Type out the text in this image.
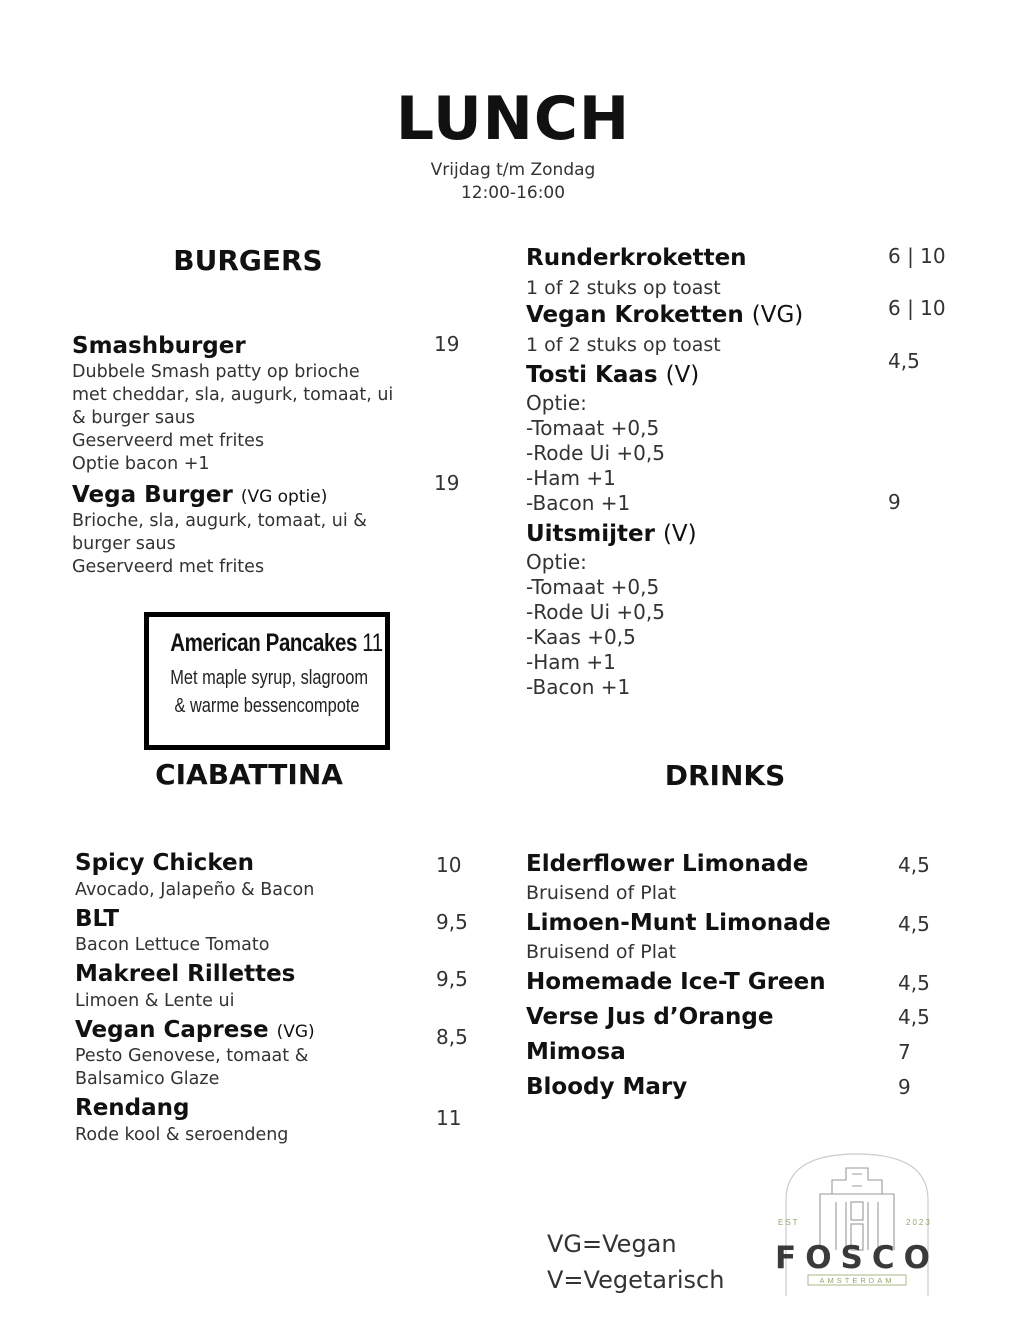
LUNCH
Vrijdag t/m Zondag
12:00-16:00
BURGERS
Smashburger
Dubbele Smash patty op brioche
met cheddar, sla, augurk, tomaat, ui
& burger saus
Geserveerd met frites
Optie bacon +1
19
Vega Burger (VG optie)
Brioche, sla, augurk, tomaat, ui &
burger saus
Geserveerd met frites
19
American Pancakes 11
Met maple syrup, slagroom
& warme bessencompote
Runderkroketten
1 of 2 stuks op toast
6 | 10
Vegan Kroketten (VG)
1 of 2 stuks op toast
6 | 10
Tosti Kaas (V)
Optie:
-Tomaat +0,5
-Rode Ui +0,5
-Ham +1
-Bacon +1
4,5
Uitsmijter (V)
Optie:
-Tomaat +0,5
-Rode Ui +0,5
-Kaas +0,5
-Ham +1
-Bacon +1
9
CIABATTINA
Spicy Chicken
Avocado, Jalapeño & Bacon
10
BLT
Bacon Lettuce Tomato
9,5
Makreel Rillettes
Limoen & Lente ui
9,5
Vegan Caprese (VG)
Pesto Genovese, tomaat &
Balsamico Glaze
8,5
Rendang
Rode kool & seroendeng
11
DRINKS
Elderflower Limonade
Bruisend of Plat
4,5
Limoen-Munt Limonade
Bruisend of Plat
4,5
Homemade Ice-T Green	4,5
Verse Jus d’Orange	4,5
Mimosa	7
Bloody Mary	9
VG=Vegan
V=Vegetarisch
EST	2023
FOSCO
AMSTERDAM
